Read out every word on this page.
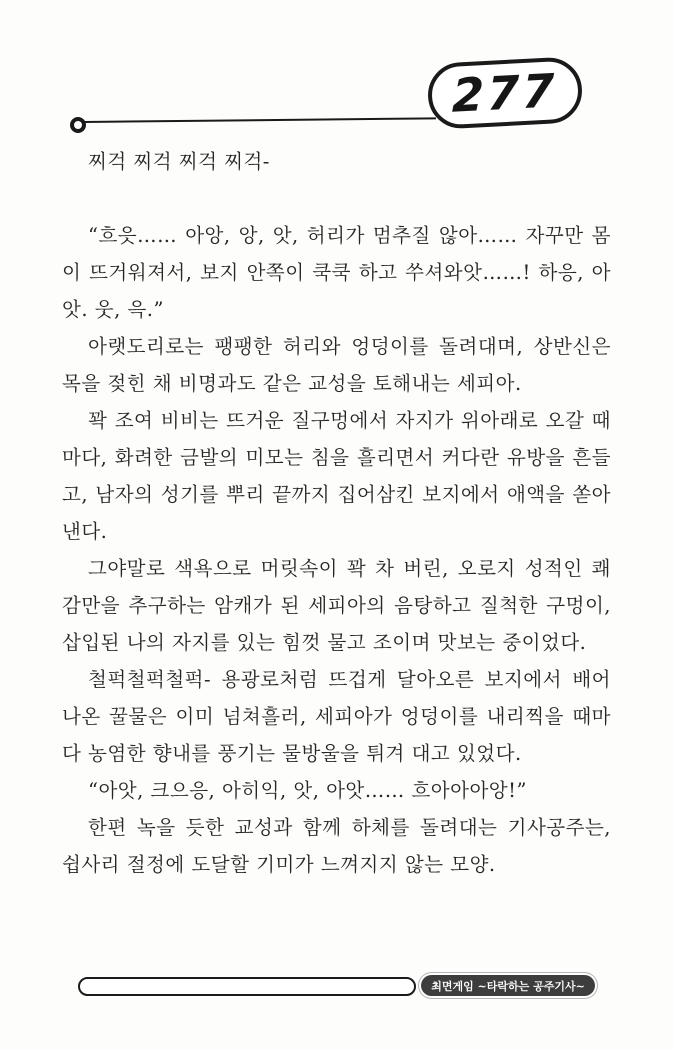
277

찌걱 찌걱 찌걱 찌걱-

“흐읏…… 아앙, 앙, 앗, 허리가 멈추질 않아…… 자꾸만 몸이 뜨거워져서, 보지 안쪽이 쿡쿡 하고 쑤셔와앗……! 하응, 아앗. 웃, 윽.”

아랫도리로는 팽팽한 허리와 엉덩이를 돌려대며, 상반신은 목을 젖힌 채 비명과도 같은 교성을 토해내는 세피아.

꽉 조여 비비는 뜨거운 질구멍에서 자지가 위아래로 오갈 때마다, 화려한 금발의 미모는 침을 흘리면서 커다란 유방을 흔들고, 남자의 성기를 뿌리 끝까지 집어삼킨 보지에서 애액을 쏟아낸다.

그야말로 색욕으로 머릿속이 꽉 차 버린, 오로지 성적인 쾌감만을 추구하는 암캐가 된 세피아의 음탕하고 질척한 구멍이, 삽입된 나의 자지를 있는 힘껏 물고 조이며 맛보는 중이었다.

철퍽철퍽철퍽- 용광로처럼 뜨겁게 달아오른 보지에서 배어나온 꿀물은 이미 넘쳐흘러, 세피아가 엉덩이를 내리찍을 때마다 농염한 향내를 풍기는 물방울을 튀겨 대고 있었다.

“아앗, 크으응, 아히익, 앗, 아앗…… 흐아아아앙!”

한편 녹을 듯한 교성과 함께 하체를 돌려대는 기사공주는, 쉽사리 절정에 도달할 기미가 느껴지지 않는 모양.

최면게임 ~타락하는 공주기사~
